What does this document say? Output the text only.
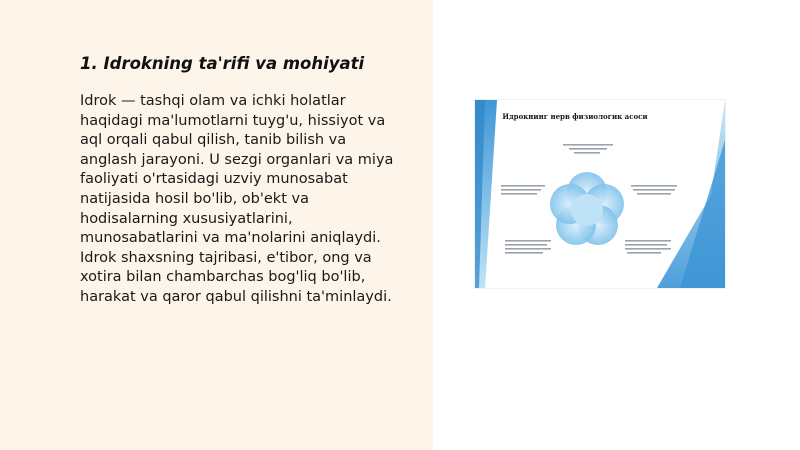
1. Idrokning ta'rifi va mohiyati

Idrok — tashqi olam va ichki holatlar haqidagi ma'lumotlarni tuyg'u, hissiyot va aql orqali qabul qilish, tanib bilish va anglash jarayoni. U sezgi organlari va miya faoliyati o'rtasidagi uzviy munosabat natijasida hosil bo'lib, ob'ekt va hodisalarning xususiyatlarini, munosabatlarini va ma'nolarini aniqlaydi. Idrok shaxsning tajribasi, e'tibor, ong va xotira bilan chambarchas bog'liq bo'lib, harakat va qaror qabul qilishni ta'minlaydi.

Идрокнинг нерв физиологик асоси
